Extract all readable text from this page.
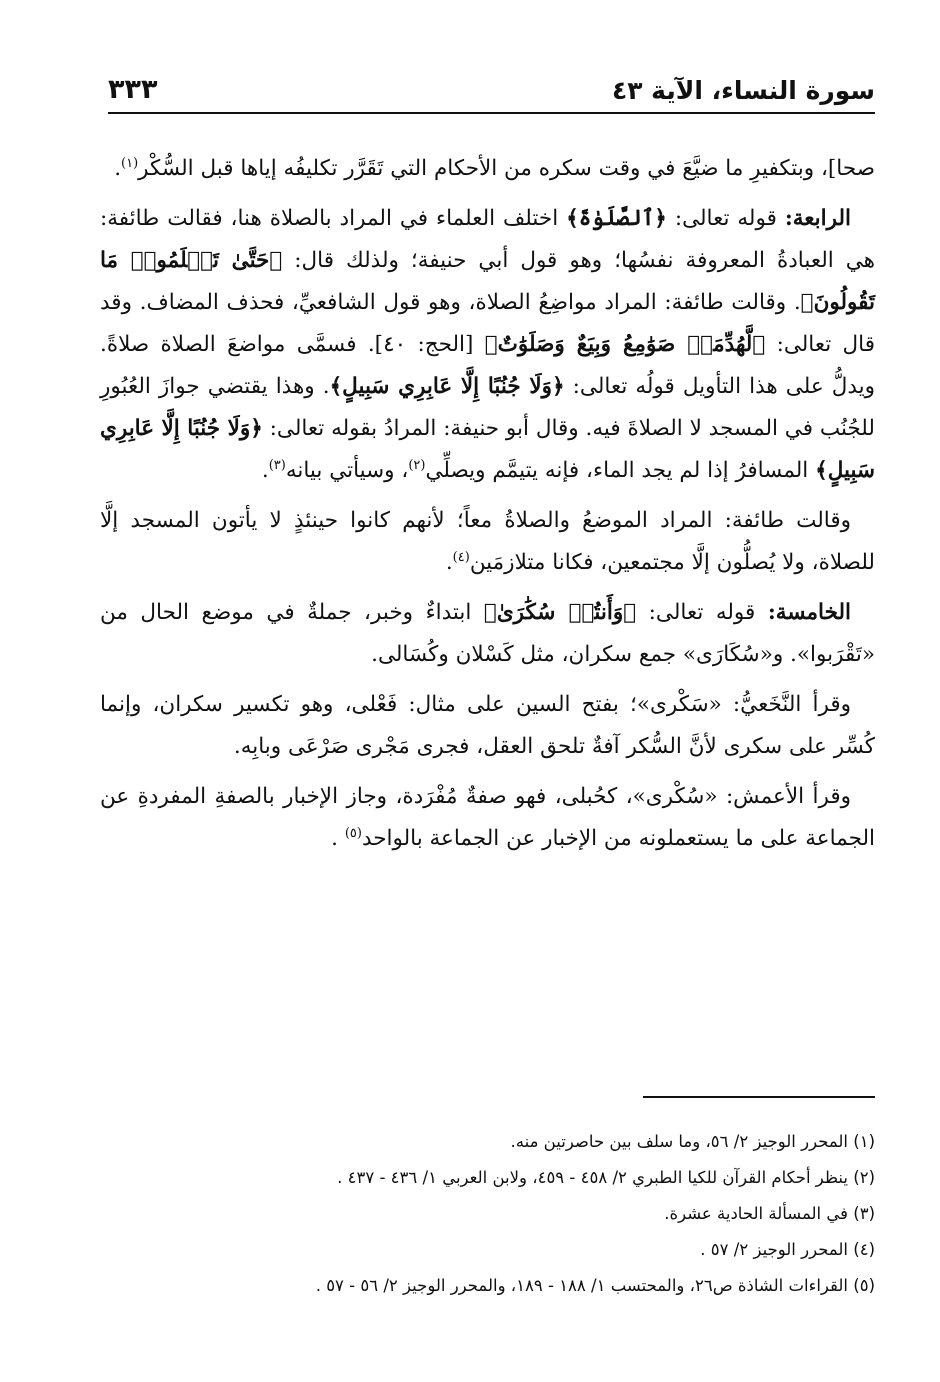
سورة النساء، الآية ٤٣
٣٣٣

صحا]، وبتكفيرِ ما ضيَّعَ في وقت سكره من الأحكام التي تَقَرَّر تكليفُه إياها قبل السُّكْر$^{(١)}$.

الرابعة: قوله تعالى: ﴿ٱلصَّلَوٰةَ﴾ اختلف العلماء في المراد بالصلاة هنا، فقالت طائفة: هي العبادةُ المعروفة نفسُها؛ وهو قول أبي حنيفة؛ ولذلك قال: ﴿حَتَّىٰ تَعۡلَمُوا۟ مَا تَقُولُونَ﴾. وقالت طائفة: المراد مواضِعُ الصلاة، وهو قول الشافعيِّ، فحذف المضاف. وقد قال تعالى: ﴿لَّهُدِّمَتۡ صَوَٰمِعُ وَبِيَعٌ وَصَلَوَٰتٌ﴾ [الحج: ٤٠]. فسمَّى مواضعَ الصلاة صلاةً. ويدلُّ على هذا التأويل قولُه تعالى: ﴿وَلَا جُنُبًا إِلَّا عَابِرِي سَبِيلٍ﴾. وهذا يقتضي جوازَ العُبُورِ للجُنُب في المسجد لا الصلاةَ فيه. وقال أبو حنيفة: المرادُ بقوله تعالى: ﴿وَلَا جُنُبًا إِلَّا عَابِرِي سَبِيلٍ﴾ المسافرُ إذا لم يجد الماء، فإنه يتيمَّم ويصلِّي$^{(٢)}$، وسيأتي بيانه$^{(٣)}$.

وقالت طائفة: المراد الموضعُ والصلاةُ معاً؛ لأنهم كانوا حينئذٍ لا يأتون المسجد إلَّا للصلاة، ولا يُصلُّون إلَّا مجتمعين، فكانا متلازمَين$^{(٤)}$.

الخامسة: قوله تعالى: ﴿وَأَنتُمۡ سُكَٰرَىٰ﴾ ابتداءٌ وخبر، جملةٌ في موضع الحال من «تَقْرَبوا». و«سُكَارَى» جمع سكران، مثل كَسْلان وكُسَالى.

وقرأ النَّخَعيُّ: «سَكْرى»؛ بفتح السين على مثال: فَعْلى، وهو تكسير سكران، وإنما كُسِّر على سكرى لأنَّ السُّكر آفةٌ تلحق العقل، فجرى مَجْرى صَرْعَى وبابِه.

وقرأ الأعمش: «سُكْرى»، كحُبلى، فهو صفةٌ مُفْرَدة، وجاز الإخبار بالصفةِ المفردةِ عن الجماعة على ما يستعملونه من الإخبار عن الجماعة بالواحد$^{(٥)}$ .

(١) المحرر الوجيز ٢/ ٥٦، وما سلف بين حاصرتين منه.

(٢) ينظر أحكام القرآن للكيا الطبري ٢/ ٤٥٨ - ٤٥٩، ولابن العربي ١/ ٤٣٦ - ٤٣٧ .

(٣) في المسألة الحادية عشرة.

(٤) المحرر الوجيز ٢/ ٥٧ .

(٥) القراءات الشاذة ص٢٦، والمحتسب ١/ ١٨٨ - ١٨٩، والمحرر الوجيز ٢/ ٥٦ - ٥٧ .
